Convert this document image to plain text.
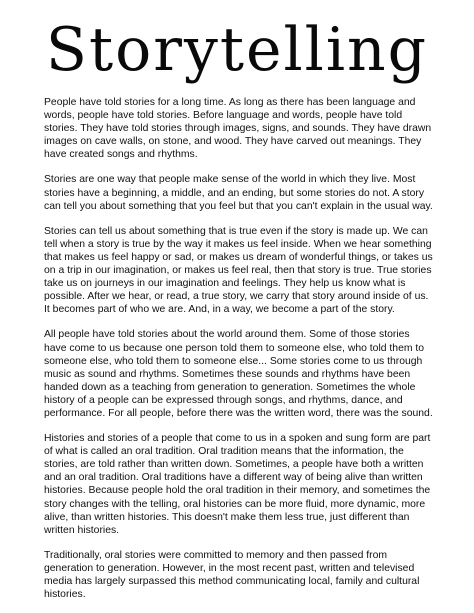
Storytelling

People have told stories for a long time. As long as there has been language and words, people have told stories. Before language and words, people have told stories. They have told stories through images, signs, and sounds. They have drawn images on cave walls, on stone, and wood. They have carved out meanings. They have created songs and rhythms.

Stories are one way that people make sense of the world in which they live. Most stories have a beginning, a middle, and an ending, but some stories do not. A story can tell you about something that you feel but that you can't explain in the usual way.

Stories can tell us about something that is true even if the story is made up. We can tell when a story is true by the way it makes us feel inside. When we hear something that makes us feel happy or sad, or makes us dream of wonderful things, or takes us on a trip in our imagination, or makes us feel real, then that story is true. True stories take us on journeys in our imagination and feelings. They help us know what is possible. After we hear, or read, a true story, we carry that story around inside of us. It becomes part of who we are. And, in a way, we become a part of the story.

All people have told stories about the world around them. Some of those stories have come to us because one person told them to someone else, who told them to someone else, who told them to someone else... Some stories come to us through music as sound and rhythms. Sometimes these sounds and rhythms have been handed down as a teaching from generation to generation. Sometimes the whole history of a people can be expressed through songs, and rhythms, dance, and performance. For all people, before there was the written word, there was the sound.

Histories and stories of a people that come to us in a spoken and sung form are part of what is called an oral tradition. Oral tradition means that the information, the stories, are told rather than written down. Sometimes, a people have both a written and an oral tradition. Oral traditions have a different way of being alive than written histories. Because people hold the oral tradition in their memory, and sometimes the story changes with the telling, oral histories can be more fluid, more dynamic, more alive, than written histories. This doesn't make them less true, just different than written histories.

Traditionally, oral stories were committed to memory and then passed from generation to generation. However, in the most recent past, written and televised media has largely surpassed this method communicating local, family and cultural histories.
